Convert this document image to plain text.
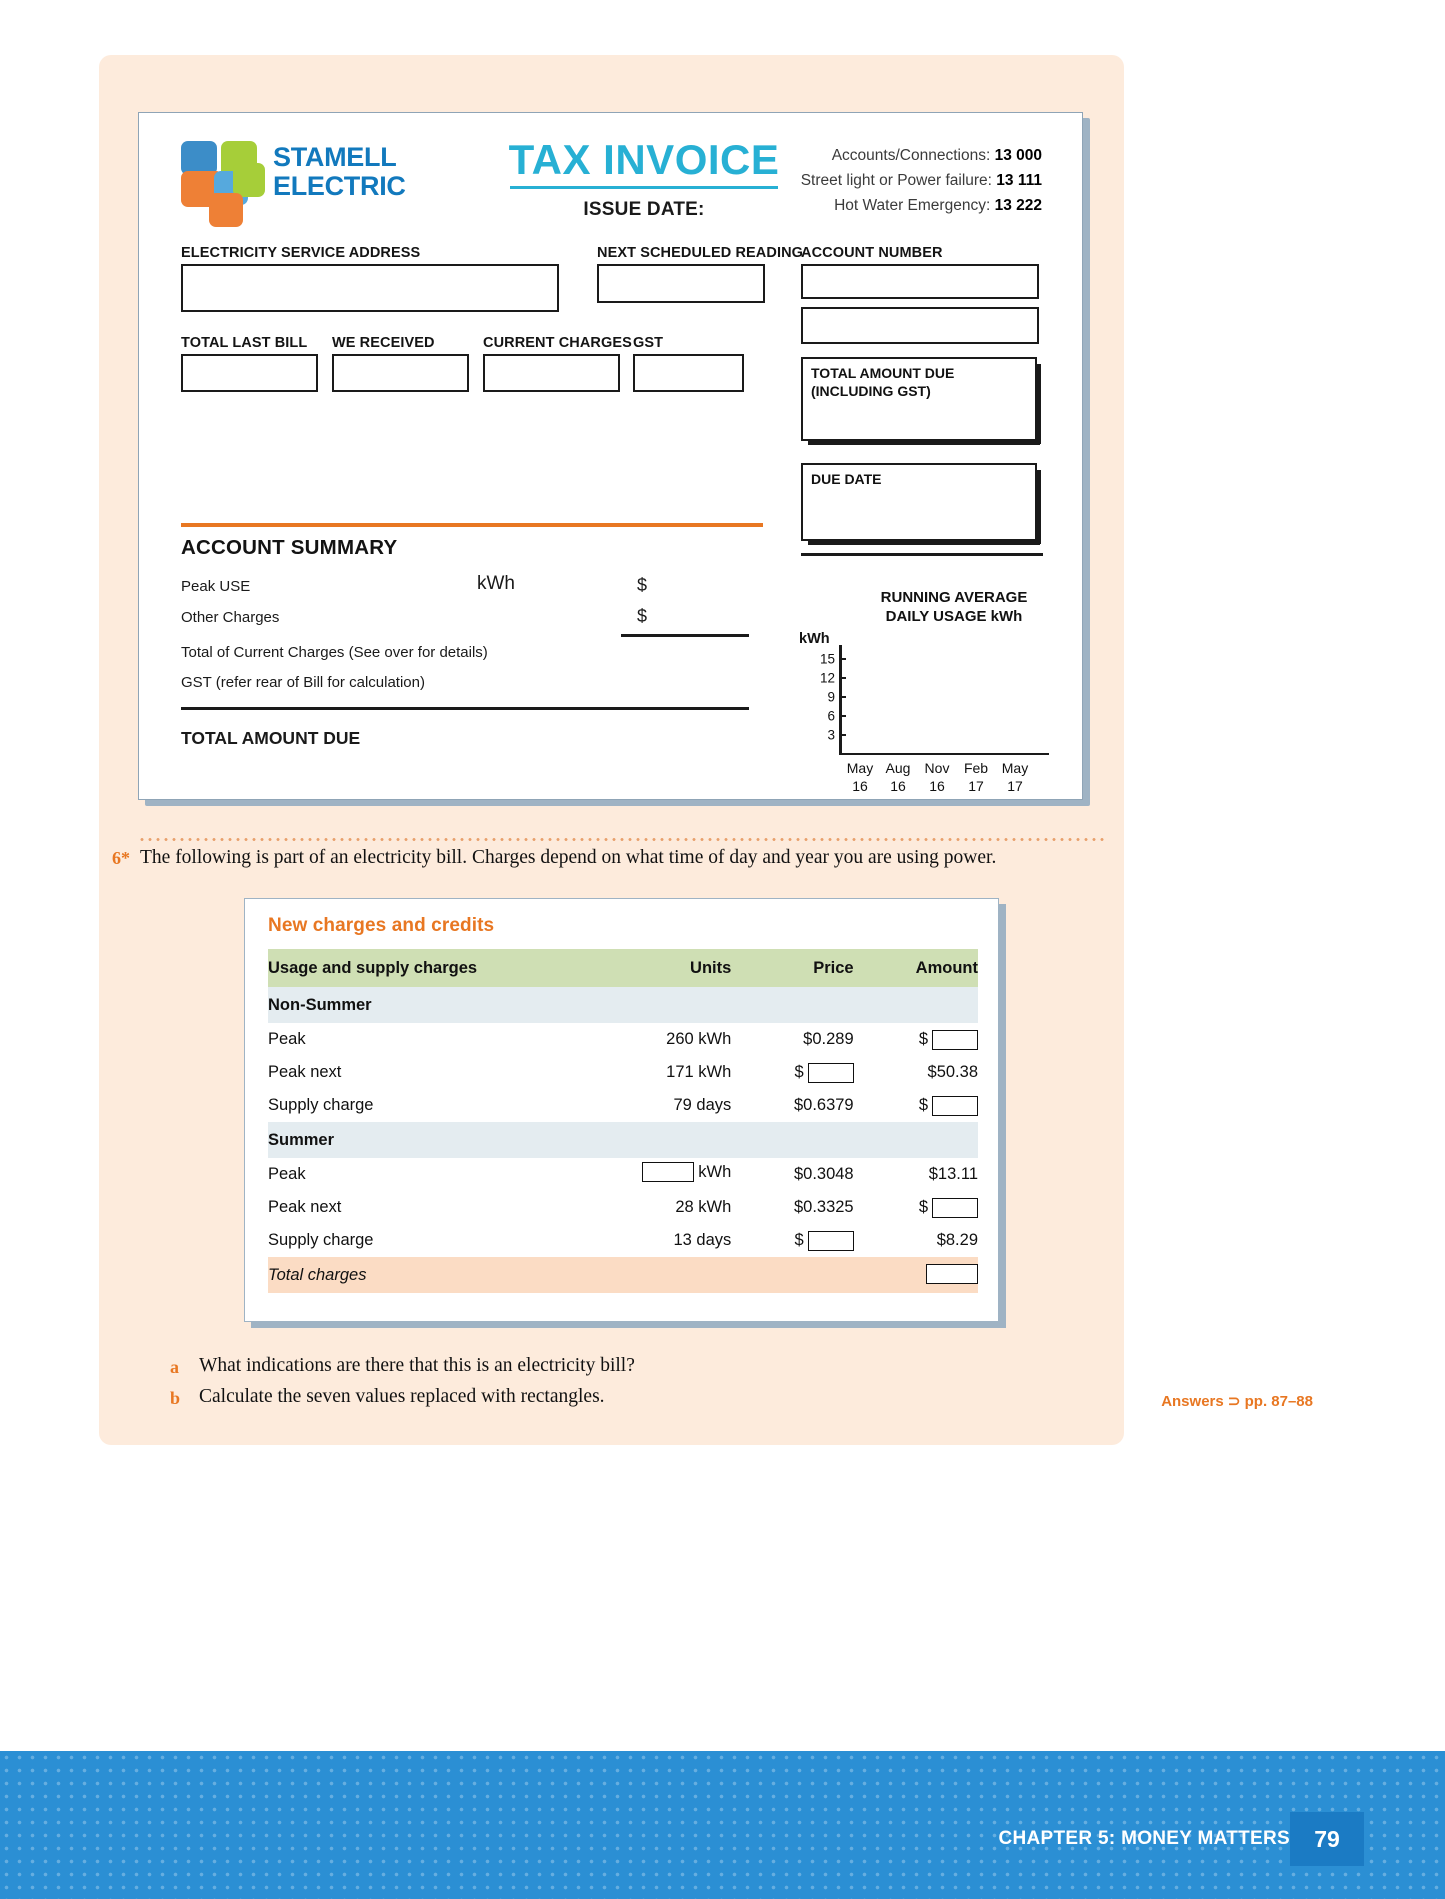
STAMELL
ELECTRIC
TAX INVOICE
ISSUE DATE:
Accounts/Connections: 13 000
Street light or Power failure: 13 111
Hot Water Emergency: 13 222
ELECTRICITY SERVICE ADDRESS	NEXT SCHEDULED READING
ACCOUNT NUMBER
TOTAL LAST BILL WE RECEIVED	CURRENT CHARGES GST
TOTAL AMOUNT DUE
(INCLUDING GST)
DUE DATE
ACCOUNT SUMMARY
Peak USE	kWh	$
Other Charges	$
Total of Current Charges (See over for details)
GST (refer rear of Bill for calculation)
TOTAL AMOUNT DUE
RUNNING AVERAGE
DAILY USAGE kWh
kWh
15
12
9
6
3
May
16
Aug
16
Nov
16
Feb
17
May
17
6* The following is part of an electricity bill. Charges depend on what time of day and year you are using power.
New charges and credits
Usage and supply charges	Units	Price	Amount
Non-Summer			
Peak	260 kWh	$0.289	$

Peak next	171 kWh	$	$50.38
Supply charge	79 days	$0.6379	$

Summer			
Peak	kWh	$0.3048	$13.11
Peak next	28 kWh	$0.3325	$

Supply charge	13 days	$	$8.29
Total charges			
a What indications are there that this is an electricity bill?
b Calculate the seven values replaced with rectangles.	Answers ⊃ pp. 87–88
CHAPTER 5: MONEY MATTERS 79
